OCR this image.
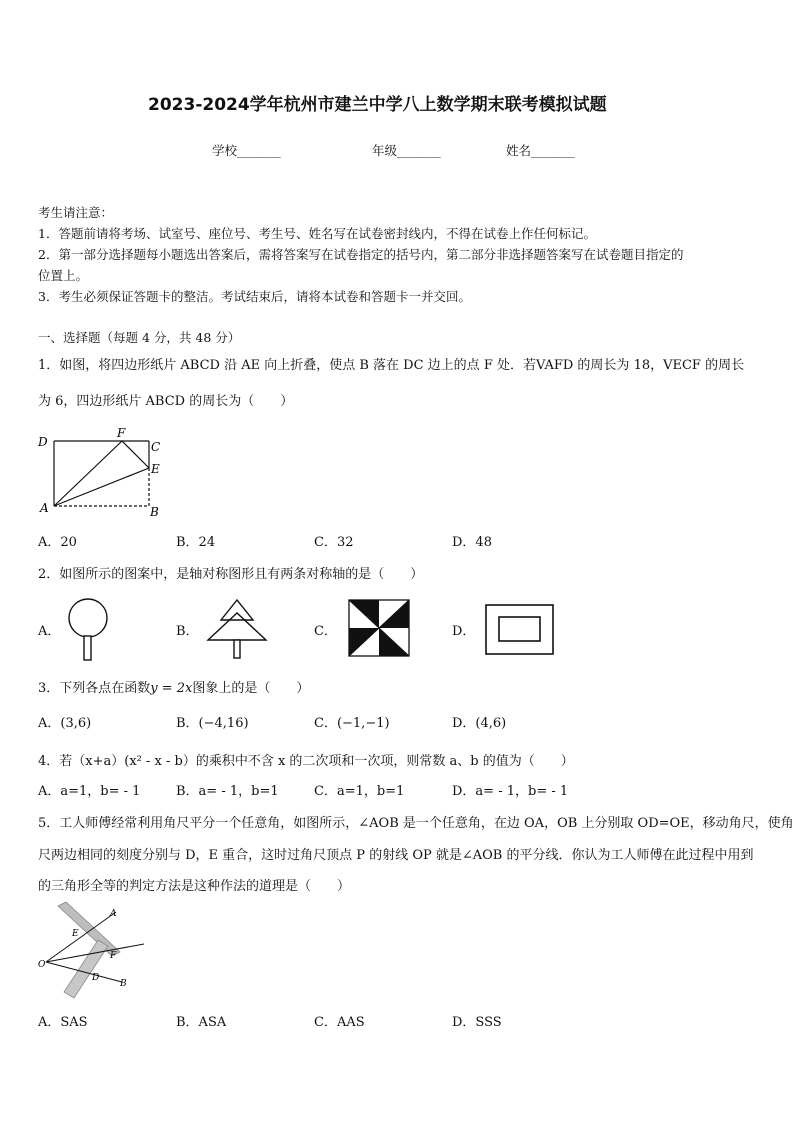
2023-2024学年杭州市建兰中学八上数学期末联考模拟试题
学校_______	年级_______	姓名_______
考生请注意：
1．答题前请将考场、试室号、座位号、考生号、姓名写在试卷密封线内，不得在试卷上作任何标记。
2．第一部分选择题每小题选出答案后，需将答案写在试卷指定的括号内，第二部分非选择题答案写在试卷题目指定的
位置上。
3．考生必须保证答题卡的整洁。考试结束后，请将本试卷和答题卡一并交回。
一、选择题（每题 4 分，共 48 分）
1．如图，将四边形纸片 ABCD 沿 AE 向上折叠，使点 B 落在 DC 边上的点 F 处．若VAFD 的周长为 18，VECF 的周长
为 6，四边形纸片 ABCD 的周长为（　　）
D
F
C
E
A	B
A．20	B．24	C．32	D．48
2．如图所示的图案中，是轴对称图形且有两条对称轴的是（　　）
A．	B．	C．	D．
3．下列各点在函数y = 2x图象上的是（　　）
A．(3,6)	B．(−4,16)	C．(−1,−1)	D．(4,6)
4．若（x+a）(x² - x - b）的乘积中不含 x 的二次项和一次项，则常数 a、b 的值为（　　）
A．a=1，b= - 1	B．a= - 1，b=1	C．a=1，b=1	D．a= - 1，b= - 1
5．工人师傅经常利用角尺平分一个任意角，如图所示，∠AOB 是一个任意角，在边 OA，OB 上分别取 OD=OE，移动角尺，使角
尺两边相同的刻度分别与 D，E 重合，这时过角尺顶点 P 的射线 OP 就是∠AOB 的平分线．你认为工人师傅在此过程中用到
的三角形全等的判定方法是这种作法的道理是（　　）
A
E
F
O
D
B
A．SAS	B．ASA	C．AAS	D．SSS
